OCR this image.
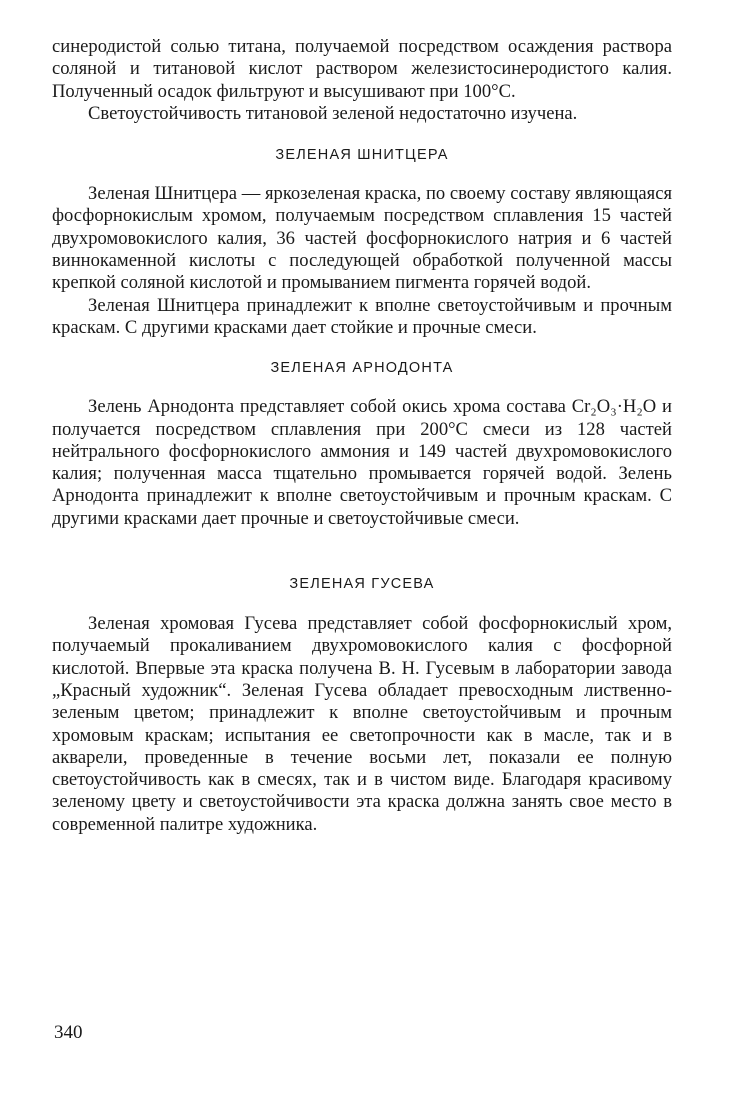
синеродистой солью титана, получаемой посредством осаждения раствора соляной и титановой кислот раствором железистосинеродистого калия. Полученный осадок фильтруют и высушивают при 100°С.

Светоустойчивость титановой зеленой недостаточно изучена.

ЗЕЛЕНАЯ ШНИТЦЕРА

Зеленая Шнитцера — яркозеленая краска, по своему составу являющаяся фосфорнокислым хромом, получаемым посредством сплавления 15 частей двухромовокислого калия, 36 частей фосфорнокислого натрия и 6 частей виннокаменной кислоты с последующей обработкой полученной массы крепкой соляной кислотой и промыванием пигмента горячей водой.

Зеленая Шнитцера принадлежит к вполне светоустойчивым и прочным краскам. С другими красками дает стойкие и прочные смеси.

ЗЕЛЕНАЯ АРНОДОНТА

Зелень Арнодонта представляет собой окись хрома состава Cr₂O₃·H₂O и получается посредством сплавления при 200°С смеси из 128 частей нейтрального фосфорнокислого аммония и 149 частей двухромовокислого калия; полученная масса тщательно промывается горячей водой. Зелень Арнодонта принадлежит к вполне светоустойчивым и прочным краскам. С другими красками дает прочные и светоустойчивые смеси.

ЗЕЛЕНАЯ ГУСЕВА

Зеленая хромовая Гусева представляет собой фосфорнокислый хром, получаемый прокаливанием двухромовокислого калия с фосфорной кислотой. Впервые эта краска получена В. Н. Гусевым в лаборатории завода „Красный художник“. Зеленая Гусева обладает превосходным лиственно-зеленым цветом; принадлежит к вполне светоустойчивым и прочным хромовым краскам; испытания ее светопрочности как в масле, так и в акварели, проведенные в течение восьми лет, показали ее полную светоустойчивость как в смесях, так и в чистом виде. Благодаря красивому зеленому цвету и светоустойчивости эта краска должна занять свое место в современной палитре художника.

340
